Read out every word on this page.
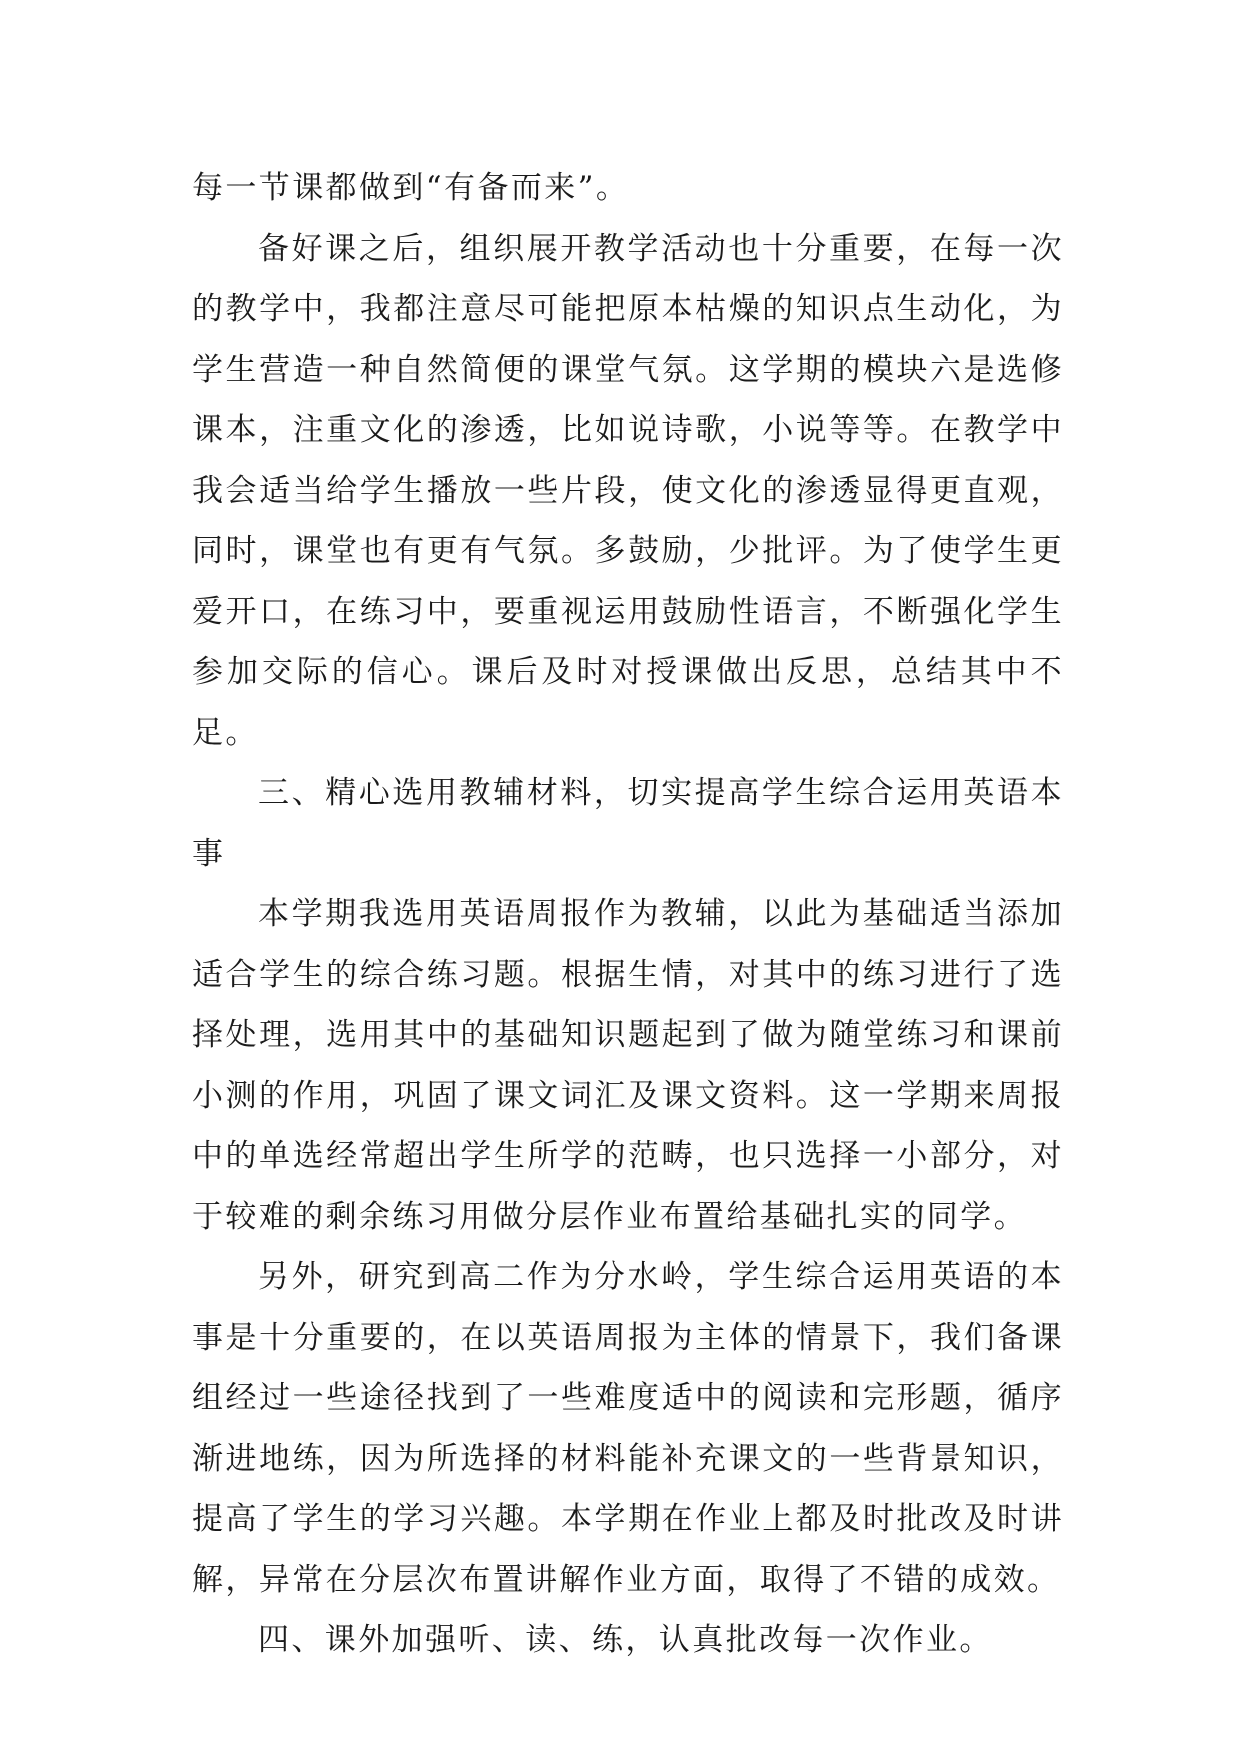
每一节课都做到“有备而来”。

备好课之后，组织展开教学活动也十分重要，在每一次的教学中，我都注意尽可能把原本枯燥的知识点生动化，为学生营造一种自然简便的课堂气氛。这学期的模块六是选修课本，注重文化的渗透，比如说诗歌，小说等等。在教学中我会适当给学生播放一些片段，使文化的渗透显得更直观，同时，课堂也有更有气氛。多鼓励，少批评。为了使学生更爱开口，在练习中，要重视运用鼓励性语言，不断强化学生参加交际的信心。课后及时对授课做出反思，总结其中不足。

三、精心选用教辅材料，切实提高学生综合运用英语本事

本学期我选用英语周报作为教辅，以此为基础适当添加适合学生的综合练习题。根据生情，对其中的练习进行了选择处理，选用其中的基础知识题起到了做为随堂练习和课前小测的作用，巩固了课文词汇及课文资料。这一学期来周报中的单选经常超出学生所学的范畴，也只选择一小部分，对于较难的剩余练习用做分层作业布置给基础扎实的同学。

另外，研究到高二作为分水岭，学生综合运用英语的本事是十分重要的，在以英语周报为主体的情景下，我们备课组经过一些途径找到了一些难度适中的阅读和完形题，循序渐进地练，因为所选择的材料能补充课文的一些背景知识，提高了学生的学习兴趣。本学期在作业上都及时批改及时讲解，异常在分层次布置讲解作业方面，取得了不错的成效。

四、课外加强听、读、练，认真批改每一次作业。
